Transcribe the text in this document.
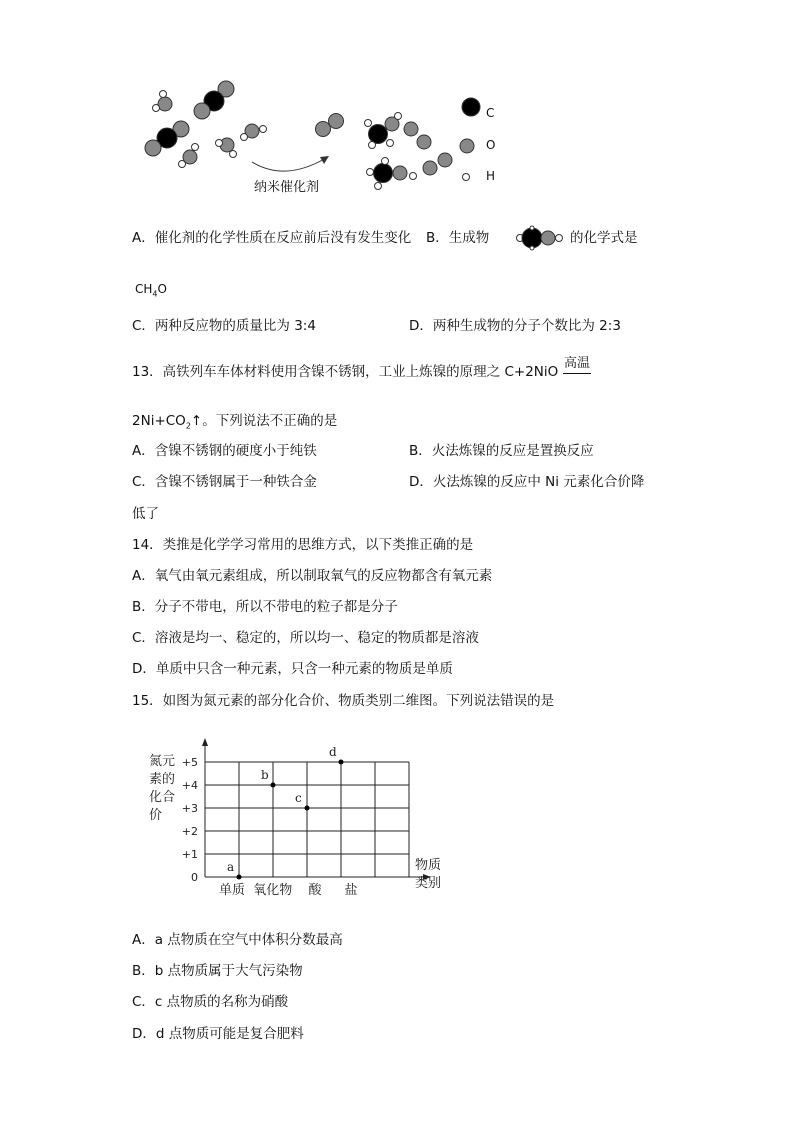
纳米催化剂
C
O
H
A．催化剂的化学性质在反应前后没有发生变化 B．生成物	的化学式是
$CH_4O$
C．两种反应物的质量比为 3:4	D．两种生成物的分子个数比为 2:3
13．高铁列车车体材料使用含镍不锈钢，工业上炼镍的原理之 C+2NiO
高温
$2Ni+CO_2↑$。下列说法不正确的是
A．含镍不锈钢的硬度小于纯铁	B．火法炼镍的反应是置换反应
C．含镍不锈钢属于一种铁合金	D．火法炼镍的反应中 Ni 元素化合价降
低了
14．类推是化学学习常用的思维方式，以下类推正确的是
A．氧气由氧元素组成，所以制取氧气的反应物都含有氧元素
B．分子不带电，所以不带电的粒子都是分子
C．溶液是均一、稳定的，所以均一、稳定的物质都是溶液
D．单质中只含一种元素，只含一种元素的物质是单质
15．如图为氮元素的部分化合价、物质类别二维图。下列说法错误的是
0
+1
+2
+3
+4
+5
氮元
素的
化合
价
物质
类别
单质 氧化物 酸 盐
a
b
c
d
A．a 点物质在空气中体积分数最高
B．b 点物质属于大气污染物
C．c 点物质的名称为硝酸
D．d 点物质可能是复合肥料
